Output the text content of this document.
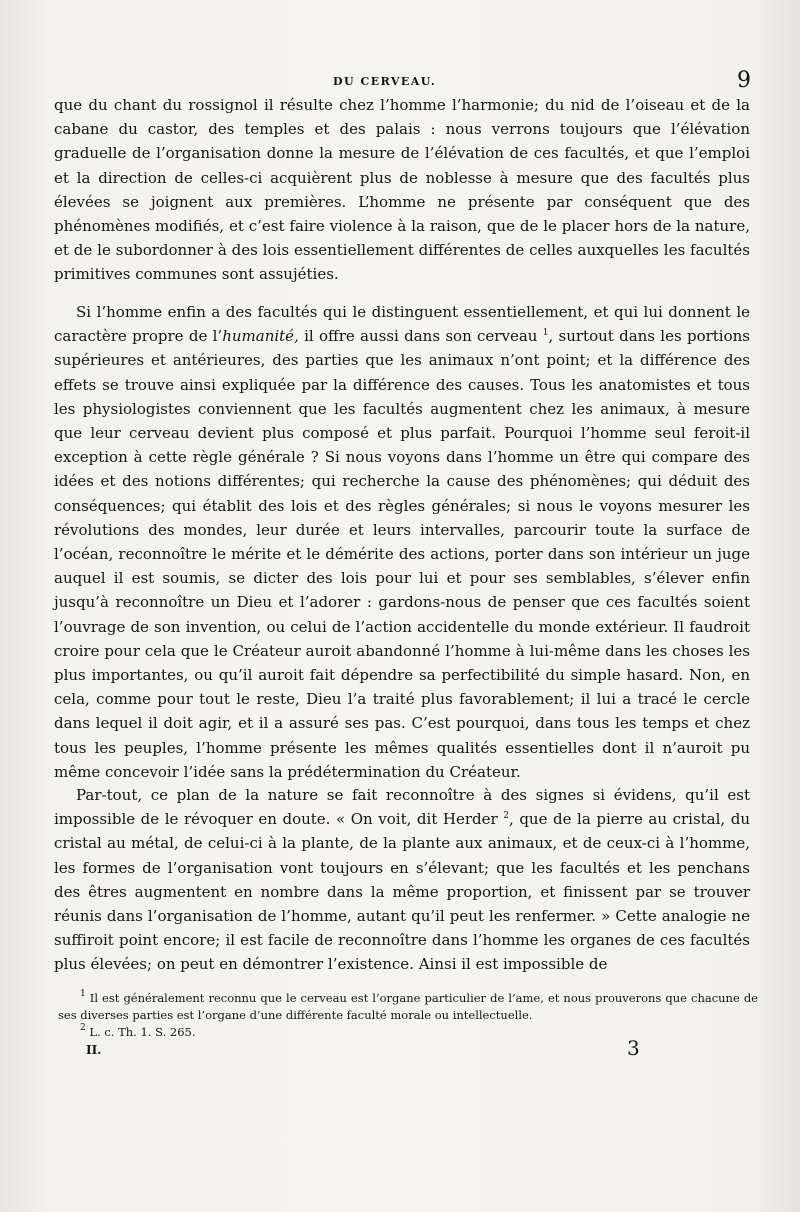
DU CERVEAU.	9

que du chant du rossignol il résulte chez l’homme l’harmonie; du nid de l’oiseau et de la cabane du castor, des temples et des palais : nous verrons toujours que l’élévation graduelle de l’organisation donne la mesure de l’élévation de ces facultés, et que l’emploi et la direction de celles-ci acquièrent plus de noblesse à mesure que des facultés plus élevées se joignent aux premières. L’homme ne présente par conséquent que des phénomènes modifiés, et c’est faire violence à la raison, que de le placer hors de la nature, et de le subordonner à des lois essentiellement différentes de celles auxquelles les facultés primitives communes sont assujéties.

Si l’homme enfin a des facultés qui le distinguent essentiellement, et qui lui donnent le caractère propre de l’humanité, il offre aussi dans son cerveau $^1$, surtout dans les portions supérieures et antérieures, des parties que les animaux n’ont point; et la différence des effets se trouve ainsi expliquée par la différence des causes. Tous les anatomistes et tous les physiologistes conviennent que les facultés augmentent chez les animaux, à mesure que leur cerveau devient plus composé et plus parfait. Pourquoi l’homme seul feroit-il exception à cette règle générale ? Si nous voyons dans l’homme un être qui compare des idées et des notions différentes; qui recherche la cause des phénomènes; qui déduit des conséquences; qui établit des lois et des règles générales; si nous le voyons mesurer les révolutions des mondes, leur durée et leurs intervalles, parcourir toute la surface de l’océan, reconnoître le mérite et le démérite des actions, porter dans son intérieur un juge auquel il est soumis, se dicter des lois pour lui et pour ses semblables, s’élever enfin jusqu’à reconnoître un Dieu et l’adorer : gardons-nous de penser que ces facultés soient l’ouvrage de son invention, ou celui de l’action accidentelle du monde extérieur. Il faudroit croire pour cela que le Créateur auroit abandonné l’homme à lui-même dans les choses les plus importantes, ou qu’il auroit fait dépendre sa perfectibilité du simple hasard. Non, en cela, comme pour tout le reste, Dieu l’a traité plus favorablement; il lui a tracé le cercle dans lequel il doit agir, et il a assuré ses pas. C’est pourquoi, dans tous les temps et chez tous les peuples, l’homme présente les mêmes qualités essentielles dont il n’auroit pu même concevoir l’idée sans la prédétermination du Créateur.

Par-tout, ce plan de la nature se fait reconnoître à des signes si évidens, qu’il est impossible de le révoquer en doute. « On voit, dit Herder $^2$, que de la pierre au cristal, du cristal au métal, de celui-ci à la plante, de la plante aux animaux, et de ceux-ci à l’homme, les formes de l’organisation vont toujours en s’élevant; que les facultés et les penchans des êtres augmentent en nombre dans la même proportion, et finissent par se trouver réunis dans l’organisation de l’homme, autant qu’il peut les renfermer. » Cette analogie ne suffiroit point encore; il est facile de reconnoître dans l’homme les organes de ces facultés plus élevées; on peut en démontrer l’existence. Ainsi il est impossible de

$^1$ Il est généralement reconnu que le cerveau est l’organe particulier de l’ame, et nous prouverons que chacune de ses diverses parties est l’organe d’une différente faculté morale ou intellectuelle.

$^2$ L. c. Th. 1. S. 265.

II.	3
